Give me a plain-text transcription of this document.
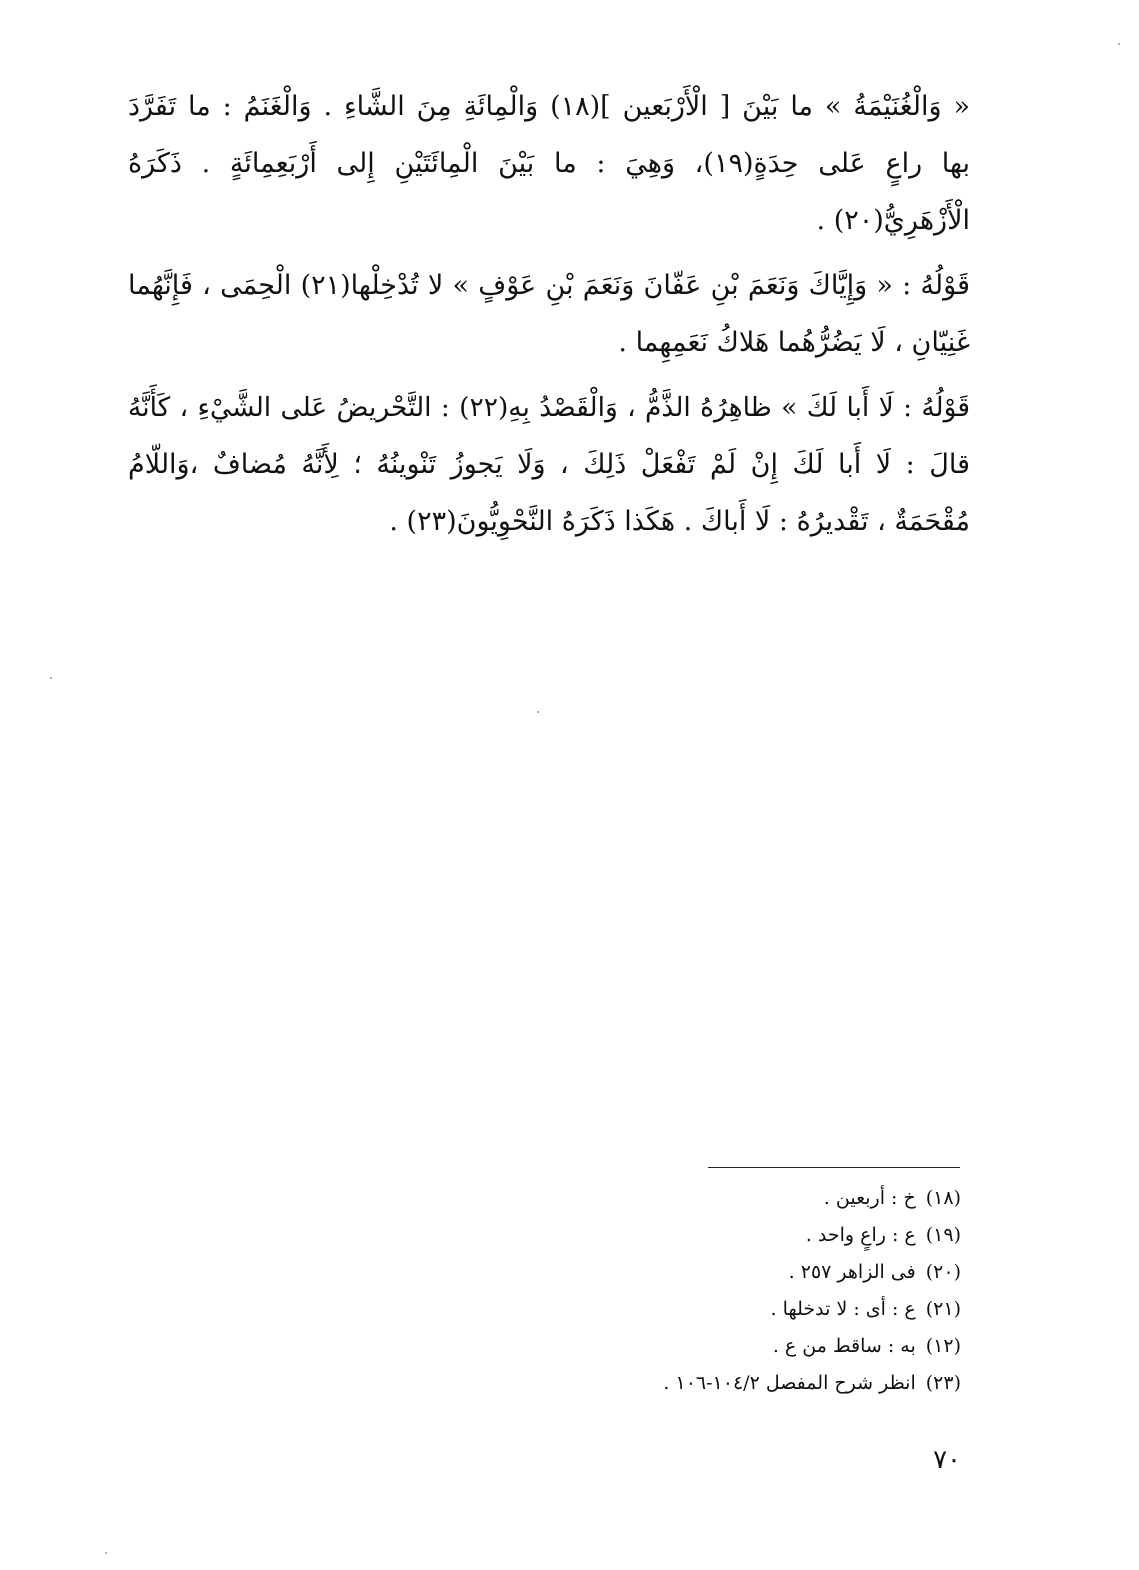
« وَالْغُنَيْمَةُ » ما بَيْنَ [ الْأَرْبَعين ](١٨) وَالْمِائَةِ مِنَ الشَّاءِ . وَالْغَنَمُ : ما تَفَرَّدَ
بها راعٍ عَلى حِدَةٍ(١٩)، وَهِيَ : ما بَيْنَ الْمِائَتَيْنِ إِلى أَرْبَعِمِائَةٍ . ذَكَرَهُ
الْأَزْهَرِيُّ(٢٠) .

قَوْلُهُ : « وَإِيَّاكَ وَنَعَمَ بْنِ عَفّانَ وَنَعَمَ بْنِ عَوْفٍ » لا تُدْخِلْها(٢١) الْحِمَى ، فَإِنَّهُما
غَنِيّانِ ، لَا يَضُرُّهُما هَلاكُ نَعَمِهِما .

قَوْلُهُ : لَا أَبا لَكَ » ظاهِرُهُ الذَّمُّ ، وَالْقَصْدُ بِهِ(٢٢) : التَّحْريضُ عَلى الشَّيْءِ ، كَأَنَّهُ
قالَ : لَا أَبا لَكَ إِنْ لَمْ تَفْعَلْ ذَلِكَ ، وَلَا يَجوزُ تَنْوينُهُ ؛ لِأَنَّهُ مُضافٌ ،وَاللّامُ
مُقْحَمَةٌ ، تَقْديرُهُ : لَا أَباكَ . هَكَذا ذَكَرَهُ النَّحْوِيُّونَ(٢٣) .

(١٨)خ : أربعين .
(١٩)ع : راعٍ واحد .
(٢٠)فى الزاهر ٢٥٧ .
(٢١)ع : أى : لا تدخلها .
(١٢)به : ساقط من ع .
(٢٣)انظر شرح المفصل ١٠٤/٢-١٠٦ .
٧٠
